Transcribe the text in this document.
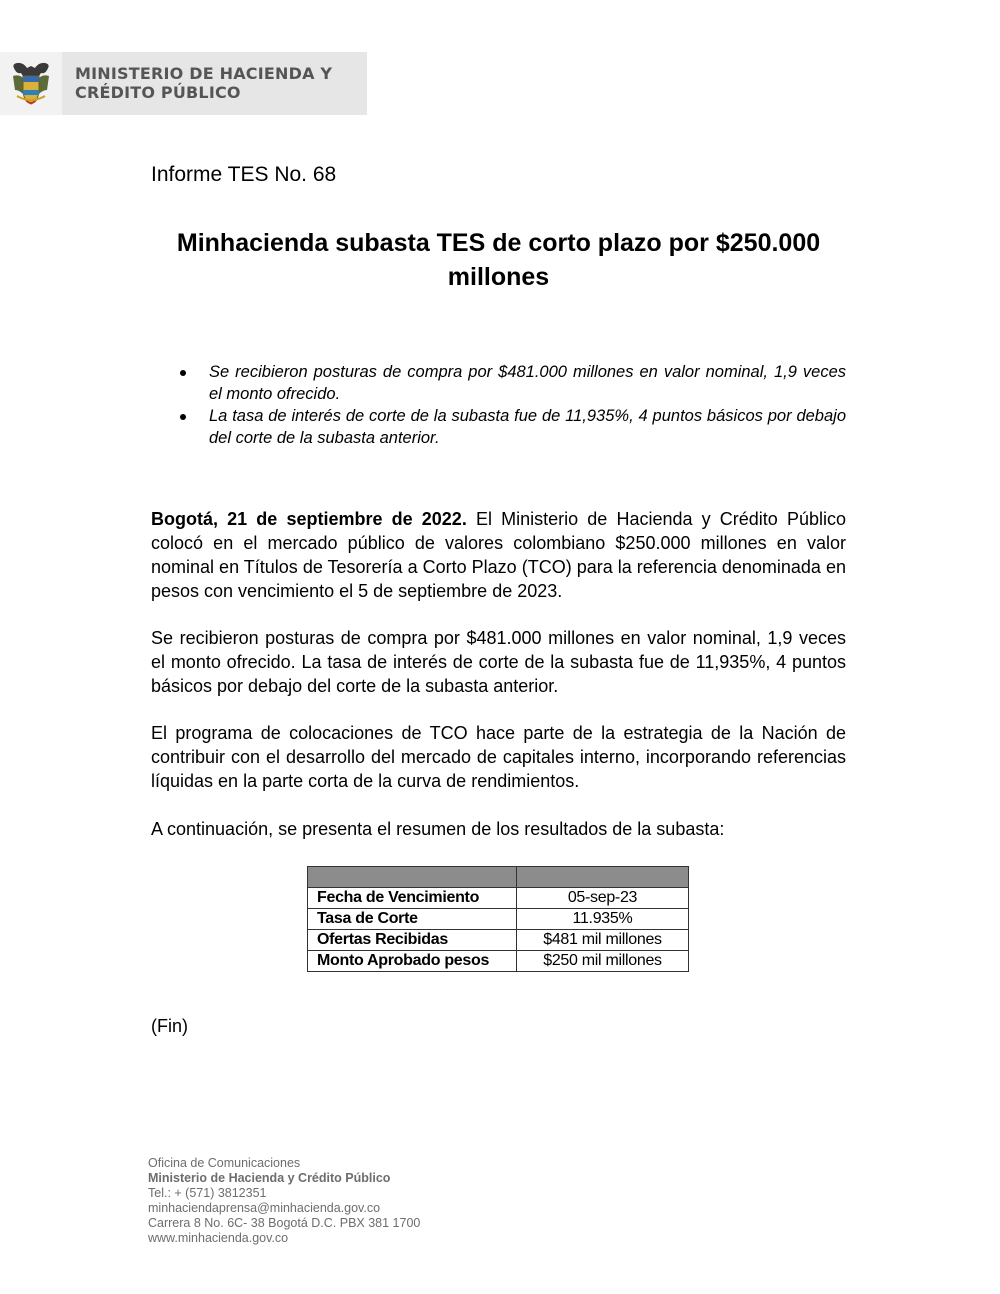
MINISTERIO DE HACIENDA Y
CRÉDITO PÚBLICO
Informe TES No. 68
Minhacienda subasta TES de corto plazo por $250.000 millones
Se recibieron posturas de compra por $481.000 millones en valor nominal, 1,9 veces el monto ofrecido.
La tasa de interés de corte de la subasta fue de 11,935%, 4 puntos básicos por debajo del corte de la subasta anterior.

Bogotá, 21 de septiembre de 2022. El Ministerio de Hacienda y Crédito Público colocó en el mercado público de valores colombiano $250.000 millones en valor nominal en Títulos de Tesorería a Corto Plazo (TCO) para la referencia denominada en pesos con vencimiento el 5 de septiembre de 2023.

Se recibieron posturas de compra por $481.000 millones en valor nominal, 1,9 veces el monto ofrecido. La tasa de interés de corte de la subasta fue de 11,935%, 4 puntos básicos por debajo del corte de la subasta anterior.

El programa de colocaciones de TCO hace parte de la estrategia de la Nación de contribuir con el desarrollo del mercado de capitales interno, incorporando referencias líquidas en la parte corta de la curva de rendimientos.

A continuación, se presenta el resumen de los resultados de la subasta:

Fecha de Vencimiento	05-sep-23
Tasa de Corte	11.935%
Ofertas Recibidas	$481 mil millones
Monto Aprobado pesos	$250 mil millones
(Fin)
Oficina de Comunicaciones
Ministerio de Hacienda y Crédito Público
Tel.: + (571) 3812351
minhaciendaprensa@minhacienda.gov.co
Carrera 8 No. 6C- 38 Bogotá D.C. PBX 381 1700
www.minhacienda.gov.co
